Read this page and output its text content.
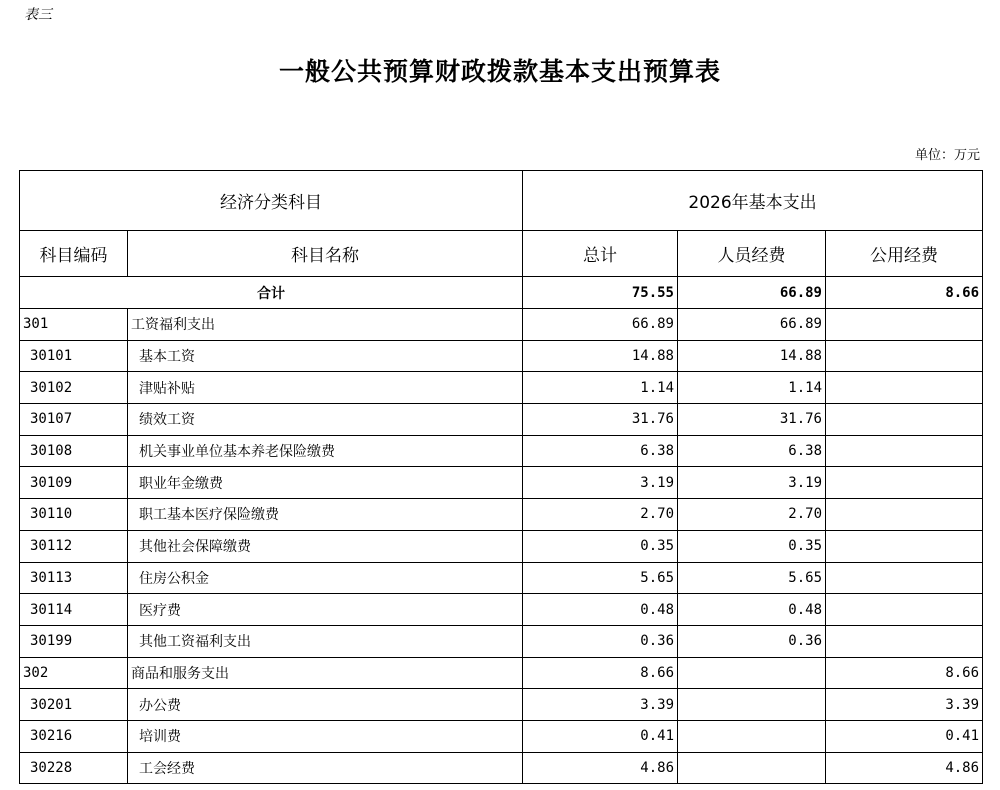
表三
一般公共预算财政拨款基本支出预算表
单位：万元
经济分类科目		2026年基本支出		
科目编码	科目名称	总计	人员经费	公用经费
合计		75.55	66.89	8.66
301	工资福利支出	66.89	66.89	
30101	基本工资	14.88	14.88	
30102	津贴补贴	1.14	1.14	
30107	绩效工资	31.76	31.76	
30108	机关事业单位基本养老保险缴费	6.38	6.38	
30109	职业年金缴费	3.19	3.19	
30110	职工基本医疗保险缴费	2.70	2.70	
30112	其他社会保障缴费	0.35	0.35	
30113	住房公积金	5.65	5.65	
30114	医疗费	0.48	0.48	
30199	其他工资福利支出	0.36	0.36	
302	商品和服务支出	8.66		8.66
30201	办公费	3.39		3.39
30216	培训费	0.41		0.41
30228	工会经费	4.86		4.86
